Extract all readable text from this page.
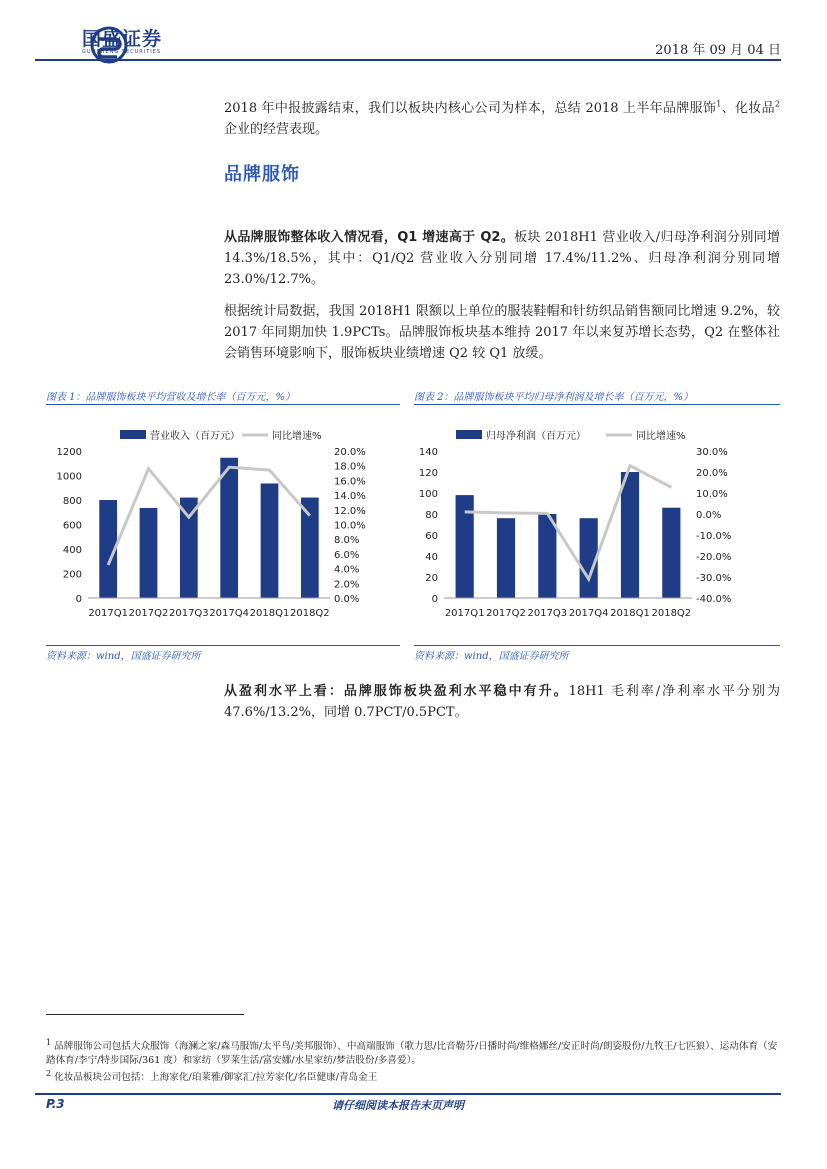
国盛证券
GUOSHENG SECURITIES	2018 年 09 月 04 日
2018 年中报披露结束，我们以板块内核心公司为样本，总结 2018 上半年品牌服饰$^1$、化妆品$^2$企业的经营表现。
品牌服饰
从品牌服饰整体收入情况看，Q1 增速高于 Q2。板块 2018H1 营业收入/归母净利润分别同增 14.3%/18.5%，其中：Q1/Q2 营业收入分别同增 17.4%/11.2%、归母净利润分别同增 23.0%/12.7%。
根据统计局数据，我国 2018H1 限额以上单位的服装鞋帽和针纺织品销售额同比增速 9.2%，较 2017 年同期加快 1.9PCTs。品牌服饰板块基本维持 2017 年以来复苏增长态势，Q2 在整体社会销售环境影响下，服饰板块业绩增速 Q2 较 Q1 放缓。
图表 1：品牌服饰板块平均营收及增长率（百万元，%）	图表 2：品牌服饰板块平均归母净利润及增长率（百万元，%）
营业收入（百万元）	同比增速%
0
200
400
600
800
1000
1200
0.0%
2.0%
4.0%
6.0%
8.0%
10.0%
12.0%
14.0%
16.0%
18.0%
20.0%
2017Q1 2017Q2 2017Q3 2017Q4 2018Q1 2018Q2
归母净利润（百万元）	同比增速%
0
20
40
60
80
100
120
140
-40.0%
-30.0%
-20.0%
-10.0%
0.0%
10.0%
20.0%
30.0%
2017Q1 2017Q2 2017Q3 2017Q4 2018Q1 2018Q2
资料来源：wind，国盛证券研究所	资料来源：wind，国盛证券研究所
从盈利水平上看：品牌服饰板块盈利水平稳中有升。18H1 毛利率/净利率水平分别为 47.6%/13.2%，同增 0.7PCT/0.5PCT。
$^1$ 品牌服饰公司包括大众服饰（海澜之家/森马服饰/太平鸟/美邦服饰）、中高端服饰（歌力思/比音勒芬/日播时尚/维格娜丝/安正时尚/朗姿股份/九牧王/七匹狼）、运动体育（安踏体育/李宁/特步国际/361 度）和家纺（罗莱生活/富安娜/水星家纺/梦洁股份/多喜爱）。
$^2$ 化妆品板块公司包括：上海家化/珀莱雅/御家汇/拉芳家化/名臣健康/青岛金王
P.3	请仔细阅读本报告末页声明
